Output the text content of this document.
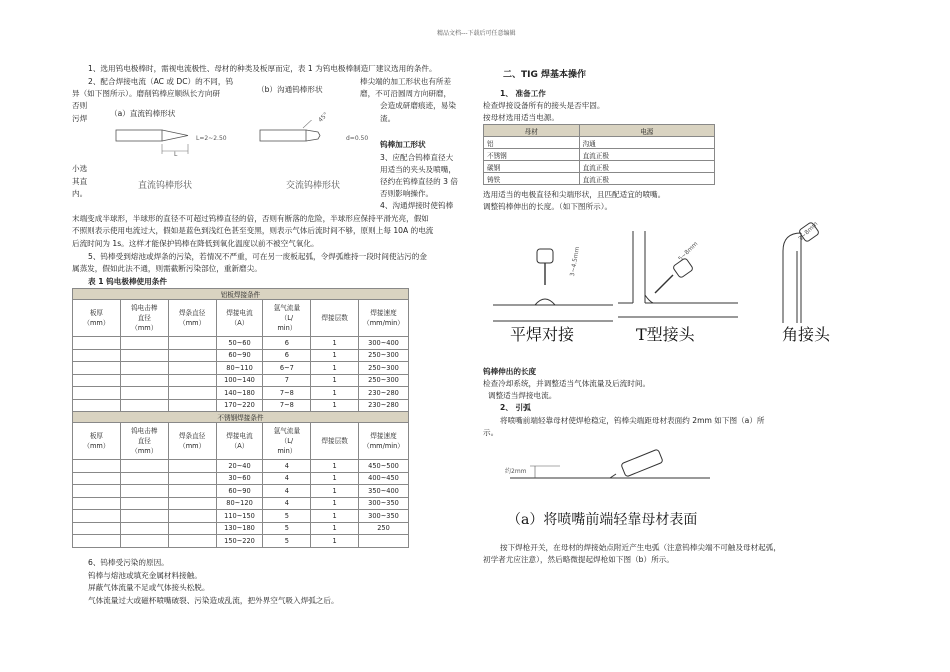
精品文档---下载后可任意编辑
1、选用钨电极棒时，需视电流极性、母材的种类及板厚而定，表 1 为钨电极棒制造厂建议选用的条件。
2、配合焊接电流（AC 或 DC）的不同，钨
异（如下图所示）。磨削钨棒应顺纵长方向研
否则
污焊
棒尖端的加工形状也有所差
磨，不可沿圆周方向研磨，
会造成研磨痕迹，易染
渣。
（a）直流钨棒形状
（b）沟通钨棒形状
L=2~2.50
L
45°
d=0.50
直流钨棒形状	交流钨棒形状
小选
其直
内。
钨棒加工形状
3、应配合钨棒直径大
用适当的夹头及喷嘴，
径约在钨棒直径的 3 倍
否则影响操作。
4、沟通焊接时使钨棒
末端变成半球形，半球形的直径不可超过钨棒直径的倍，否则有断落的危险，半球形应保持平滑光亮，假如
不照则表示使用电流过大，假如是蓝色到浅红色甚至变黑，则表示气体后流时间不够，原则上每 10A 的电流
后流时间为 1s。这样才能保护钨棒在降低到氧化温度以前不被空气氧化。
5、钨棒受到熔池或焊条的污染，若情况不严重，可在另一废板起弧，令焊弧维持一段时间使沾污的金
属蒸发，假如此法不通，则需截断污染部位，重新磨尖。
表 1 钨电极棒使用条件
铝板焊接条件						
板厚
（mm）	钨电击棒
直径
（mm）	焊条直径
（mm）	焊接电流
（A）	氩气流量
（L/
min）	焊接层数	焊接速度
（mm/min）
			50~60	6	1	300~400
			60~90	6	1	250~300
			80~110	6~7	1	250~300
			100~140	7	1	250~300
			140~180	7~8	1	230~280
			170~220	7~8	1	230~280
不锈钢焊接条件						
板厚
（mm）	钨电击棒
直径
（mm）	焊条直径
（mm）	焊接电流
（A）	氩气流量
（L/
min）	焊接层数	焊接速度
（mm/min）
			20~40	4	1	450~500
			30~60	4	1	400~450
			60~90	4	1	350~400
			80~120	4	1	300~350
			110~150	5	1	300~350
			130~180	5	1	250
			150~220	5	1	
6、钨棒受污染的原因。
钨棒与熔池或填充金属材料接触。
屏蔽气体流量不足或气体接头松脱。
气体流量过大或磁杯喷嘴破裂、污染造成乱流，把外界空气吸入焊弧之后。
二、TIG 焊基本操作
1、 准备工作
检查焊接设备所有的接头是否牢固。
按母材选用适当电源。
母材	电源
铝	沟通
不锈钢	直流正极
碳钢	直流正极
铸铁	直流正极
选用适当的电极直径和尖端形状，且匹配适宜的喷嘴。
调整钨棒伸出的长度。（如下图所示）。
3~4.5mm	5~8mm
3~8mm
平焊对接	T型接头	角接头
钨棒伸出的长度
检查冷却系统，并调整适当气体流量及后流时间。
调整适当焊接电流。
2、 引弧
将喷嘴前端轻靠母材使焊枪稳定，钨棒尖端距母材表面约 2mm 如下图（a）所
示。
约2mm
（a）将喷嘴前端轻靠母材表面
按下焊枪开关，在母材的焊接始点附近产生电弧（注意钨棒尖端不可触及母材起弧，
初学者尤应注意），然后略微提起焊枪如下图（b）所示。
